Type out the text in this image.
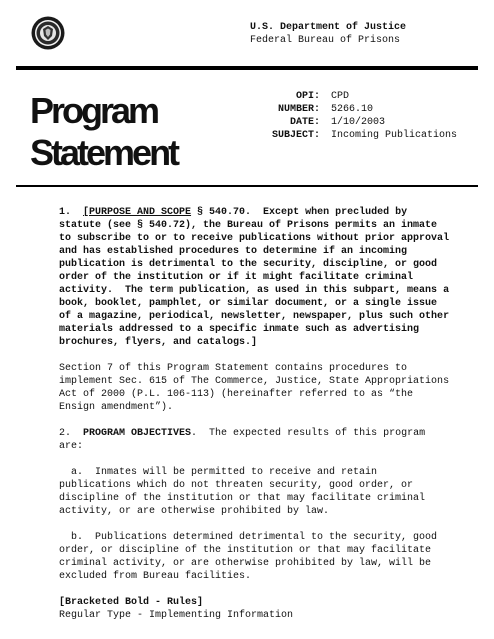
U.S. Department of Justice
Federal Bureau of Prisons
Program
Statement
OPI: CPD
NUMBER: 5266.10
DATE: 1/10/2003
SUBJECT: Incoming Publications
1.  [PURPOSE AND SCOPE § 540.70.  Except when precluded by
statute (see § 540.72), the Bureau of Prisons permits an inmate
to subscribe to or to receive publications without prior approval
and has established procedures to determine if an incoming
publication is detrimental to the security, discipline, or good
order of the institution or if it might facilitate criminal
activity.  The term publication, as used in this subpart, means a
book, booklet, pamphlet, or similar document, or a single issue
of a magazine, periodical, newsletter, newspaper, plus such other
materials addressed to a specific inmate such as advertising
brochures, flyers, and catalogs.]
Section 7 of this Program Statement contains procedures to
implement Sec. 615 of The Commerce, Justice, State Appropriations
Act of 2000 (P.L. 106-113) (hereinafter referred to as “the
Ensign amendment”).
2.  PROGRAM OBJECTIVES.  The expected results of this program
are:
a.  Inmates will be permitted to receive and retain
publications which do not threaten security, good order, or
discipline of the institution or that may facilitate criminal
activity, or are otherwise prohibited by law.
b.  Publications determined detrimental to the security, good
order, or discipline of the institution or that may facilitate
criminal activity, or are otherwise prohibited by law, will be
excluded from Bureau facilities.
[Bracketed Bold - Rules]
Regular Type - Implementing Information
